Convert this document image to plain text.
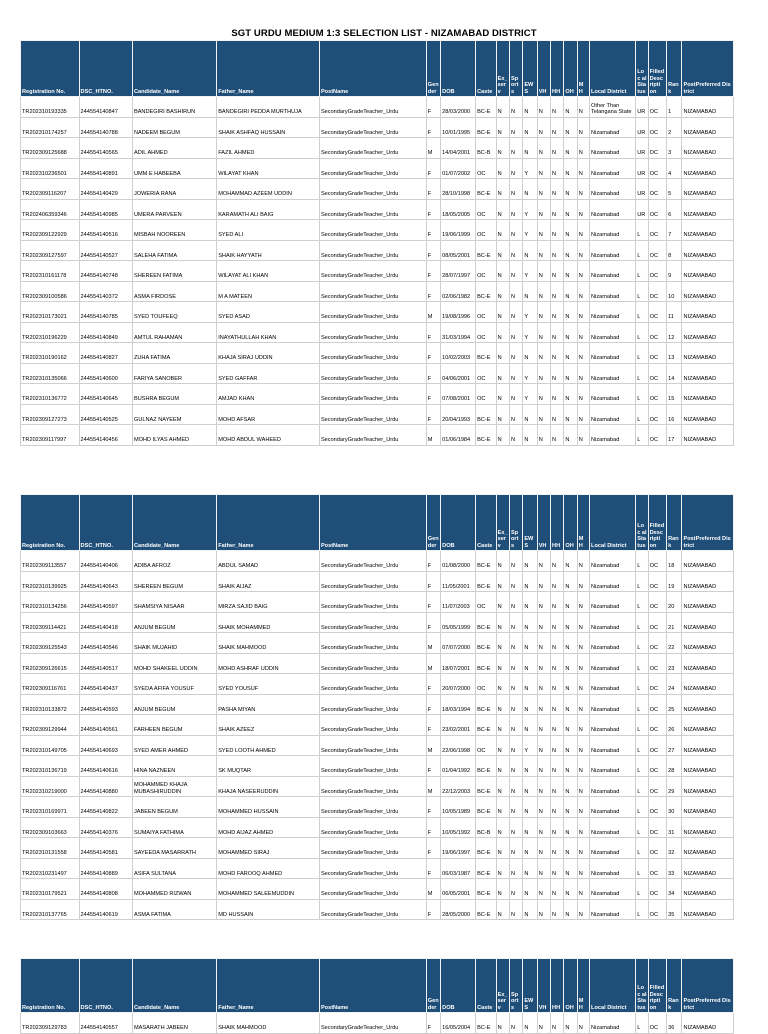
SGT URDU MEDIUM 1:3 SELECTION LIST - NIZAMABAD DISTRICT
Registration No.	DSC_HTNO.	Candidate_Name	Father_Name	PostName	Gen der	DOB	Caste	Ex_ ser v	Sp ort s	EW S	VH	HH	OH	M H	Local District	Loc al Sta tus	Filled Desc ripti on	Rank	PostPreferred District
TR202310193335	244554140847	BANDEGIRI BASHIRUN	BANDEGIRI PEDDA MURTHUJA	SecondaryGradeTeacher_Urdu	F	28/03/2000	BC-E	N	N	N	N	N	N	N	Other Than Telangana State	UR	OC	1	NIZAMABAD
TR202310174257	244554140788	NADEEM BEGUM	SHAIK ASHFAQ HUSSAIN	SecondaryGradeTeacher_Urdu	F	10/01/1995	BC-E	N	N	N	N	N	N	N	Nizamabad	UR	OC	2	NIZAMABAD
TR202309125688	244554140565	ADIL AHMED	FAZIL AHMED	SecondaryGradeTeacher_Urdu	M	14/04/2001	BC-B	N	N	N	N	N	N	N	Nizamabad	UR	OC	3	NIZAMABAD
TR202310236501	244554140891	UMM E HABEEBA	WILAYAT KHAN	SecondaryGradeTeacher_Urdu	F	01/07/2002	OC	N	N	Y	N	N	N	N	Nizamabad	UR	OC	4	NIZAMABAD
TR202309116207	244554140429	JOWERIA RANA	MOHAMMAD AZEEM UDDIN	SecondaryGradeTeacher_Urdu	F	28/10/1998	BC-E	N	N	N	N	N	N	N	Nizamabad	UR	OC	5	NIZAMABAD
TR202406359346	244554140985	UMERA PARVEEN	KARAMATH ALI BAIG	SecondaryGradeTeacher_Urdu	F	18/05/2005	OC	N	N	Y	N	N	N	N	Nizamabad	UR	OC	6	NIZAMABAD
TR202309122929	244554140516	MISBAH NOOREEN	SYED ALI	SecondaryGradeTeacher_Urdu	F	19/06/1999	OC	N	N	Y	N	N	N	N	Nizamabad	L	OC	7	NIZAMABAD
TR202309127597	244554140527	SALEHA FATIMA	SHAIK HAYYATH	SecondaryGradeTeacher_Urdu	F	08/05/2001	BC-E	N	N	N	N	N	N	N	Nizamabad	L	OC	8	NIZAMABAD
TR202310161178	244554140748	SHEREEN FATIMA	WILAYAT ALI KHAN	SecondaryGradeTeacher_Urdu	F	28/07/1997	OC	N	N	Y	N	N	N	N	Nizamabad	L	OC	9	NIZAMABAD
TR202309100586	244554140372	ASMA FIRDOSE	M A MATEEN	SecondaryGradeTeacher_Urdu	F	02/06/1982	BC-E	N	N	N	N	N	N	N	Nizamabad	L	OC	10	NIZAMABAD
TR202310173021	244554140785	SYED TOUFEEQ	SYED ASAD	SecondaryGradeTeacher_Urdu	M	19/08/1996	OC	N	N	Y	N	N	N	N	Nizamabad	L	OC	11	NIZAMABAD
TR202310196229	244554140849	AMTUL RAHAMAN	INAYATHULLAH KHAN	SecondaryGradeTeacher_Urdu	F	31/03/1994	OC	N	N	Y	N	N	N	N	Nizamabad	L	OC	12	NIZAMABAD
TR202310190162	244554140827	ZUHA FATIMA	KHAJA SIRAJ UDDIN	SecondaryGradeTeacher_Urdu	F	10/02/2003	BC-E	N	N	N	N	N	N	N	Nizamabad	L	OC	13	NIZAMABAD
TR202310135066	244554140600	FARIYA SANOBER	SYED GAFFAR	SecondaryGradeTeacher_Urdu	F	04/06/2001	OC	N	N	Y	N	N	N	N	Nizamabad	L	OC	14	NIZAMABAD
TR202310136772	244554140645	BUSHRA BEGUM	AMJAD KHAN	SecondaryGradeTeacher_Urdu	F	07/08/2001	OC	N	N	Y	N	N	N	N	Nizamabad	L	OC	15	NIZAMABAD
TR202309127273	244554140525	GULNAZ NAYEEM	MOHD AFSAR	SecondaryGradeTeacher_Urdu	F	20/04/1993	BC-E	N	N	N	N	N	N	N	Nizamabad	L	OC	16	NIZAMABAD
TR202309117997	244554140456	MOHD ILYAS AHMED	MOHD ABDUL WAHEED	SecondaryGradeTeacher_Urdu	M	01/06/1984	BC-E	N	N	N	N	N	N	N	Nizamabad	L	OC	17	NIZAMABAD
Registration No.	DSC_HTNO.	Candidate_Name	Father_Name	PostName	Gen der	DOB	Caste	Ex_ ser v	Sp ort s	EW S	VH	HH	OH	M H	Local District	Loc al Sta tus	Filled Desc ripti on	Rank	PostPreferred District
TR202309113557	244554140406	ADIBA AFROZ	ABDUL SAMAD	SecondaryGradeTeacher_Urdu	F	01/08/2000	BC-E	N	N	N	N	N	N	N	Nizamabad	L	OC	18	NIZAMABAD
TR202310139925	244554140643	SHEREEN BEGUM	SHAIK AIJAZ	SecondaryGradeTeacher_Urdu	F	11/05/2001	BC-E	N	N	N	N	N	N	N	Nizamabad	L	OC	19	NIZAMABAD
TR202310134256	244554140597	SHAMSIYA NISAAR	MIRZA SAJID BAIG	SecondaryGradeTeacher_Urdu	F	11/07/2003	OC	N	N	N	N	N	N	N	Nizamabad	L	OC	20	NIZAMABAD
TR202309114421	244554140418	ANJUM BEGUM	SHAIK MOHAMMED	SecondaryGradeTeacher_Urdu	F	05/05/1999	BC-E	N	N	N	N	N	N	N	Nizamabad	L	OC	21	NIZAMABAD
TR202309125543	244554140546	SHAIK MUJAHID	SHAIK MAHMOOD	SecondaryGradeTeacher_Urdu	M	07/07/2000	BC-E	N	N	N	N	N	N	N	Nizamabad	L	OC	22	NIZAMABAD
TR202309126615	244554140517	MOHD SHAKEEL UDDIN	MOHD ASHRAF UDDIN	SecondaryGradeTeacher_Urdu	M	18/07/2001	BC-E	N	N	N	N	N	N	N	Nizamabad	L	OC	23	NIZAMABAD
TR202309116761	244554140437	SYEDA AFIFA YOUSUF	SYED YOUSUF	SecondaryGradeTeacher_Urdu	F	20/07/2000	OC	N	N	N	N	N	N	N	Nizamabad	L	OC	24	NIZAMABAD
TR202310133872	244554140593	ANJUM BEGUM	PASHA MIYAN	SecondaryGradeTeacher_Urdu	F	18/03/1994	BC-E	N	N	N	N	N	N	N	Nizamabad	L	OC	25	NIZAMABAD
TR202309129944	244554140561	FARHEEN BEGUM	SHAIK AZEEZ	SecondaryGradeTeacher_Urdu	F	23/02/2001	BC-E	N	N	N	N	N	N	N	Nizamabad	L	OC	26	NIZAMABAD
TR202310149705	244554140693	SYED AMER AHMED	SYED LOOTH AHMED	SecondaryGradeTeacher_Urdu	M	22/06/1998	OC	N	N	Y	N	N	N	N	Nizamabad	L	OC	27	NIZAMABAD
TR202310136719	244554140616	HINA NAZNEEN	SK MUQTAR	SecondaryGradeTeacher_Urdu	F	01/04/1992	BC-E	N	N	N	N	N	N	N	Nizamabad	L	OC	28	NIZAMABAD
TR202310219000	244554140880	MOHAMMED KHAJA MUBASHIRUDDIN	KHAJA NASEERUDDIN	SecondaryGradeTeacher_Urdu	M	22/12/2003	BC-E	N	N	N	N	N	N	N	Nizamabad	L	OC	29	NIZAMABAD
TR202310169971	244554140822	JABEEN BEGUM	MOHAMMED HUSSAIN	SecondaryGradeTeacher_Urdu	F	10/05/1989	BC-E	N	N	N	N	N	N	N	Nizamabad	L	OC	30	NIZAMABAD
TR202309103663	244554140376	SUMAIYA FATHIMA	MOHD AIJAZ AHMED	SecondaryGradeTeacher_Urdu	F	10/05/1992	BC-B	N	N	N	N	N	N	N	Nizamabad	L	OC	31	NIZAMABAD
TR202310131558	244554140581	SAYEEDA MASARRATH	MOHAMMED SIRAJ	SecondaryGradeTeacher_Urdu	F	19/06/1997	BC-E	N	N	N	N	N	N	N	Nizamabad	L	OC	32	NIZAMABAD
TR202310231497	244554140889	ASIFA SULTANA	MOHD FAROOQ AHMED	SecondaryGradeTeacher_Urdu	F	06/03/1987	BC-E	N	N	N	N	N	N	N	Nizamabad	L	OC	33	NIZAMABAD
TR202310179521	244554140808	MOHAMMED RIZWAN	MOHAMMED SALEEMUDDIN	SecondaryGradeTeacher_Urdu	M	06/05/2001	BC-E	N	N	N	N	N	N	N	Nizamabad	L	OC	34	NIZAMABAD
TR202310137765	244554140619	ASMA FATIMA	MD HUSSAIN	SecondaryGradeTeacher_Urdu	F	28/05/2000	BC-E	N	N	N	N	N	N	N	Nizamabad	L	OC	35	NIZAMABAD
Registration No.	DSC_HTNO.	Candidate_Name	Father_Name	PostName	Gen der	DOB	Caste	Ex_ ser v	Sp ort s	EW S	VH	HH	OH	M H	Local District	Loc al Sta tus	Filled Desc ripti on	Rank	PostPreferred District
TR202309129783	244554140557	MASARATH JABEEN	SHAIK MAHMOOD	SecondaryGradeTeacher_Urdu	F	16/05/2004	BC-E	N	N	N	N	N	N	N	Nizamabad	L	OC	36	NIZAMABAD
